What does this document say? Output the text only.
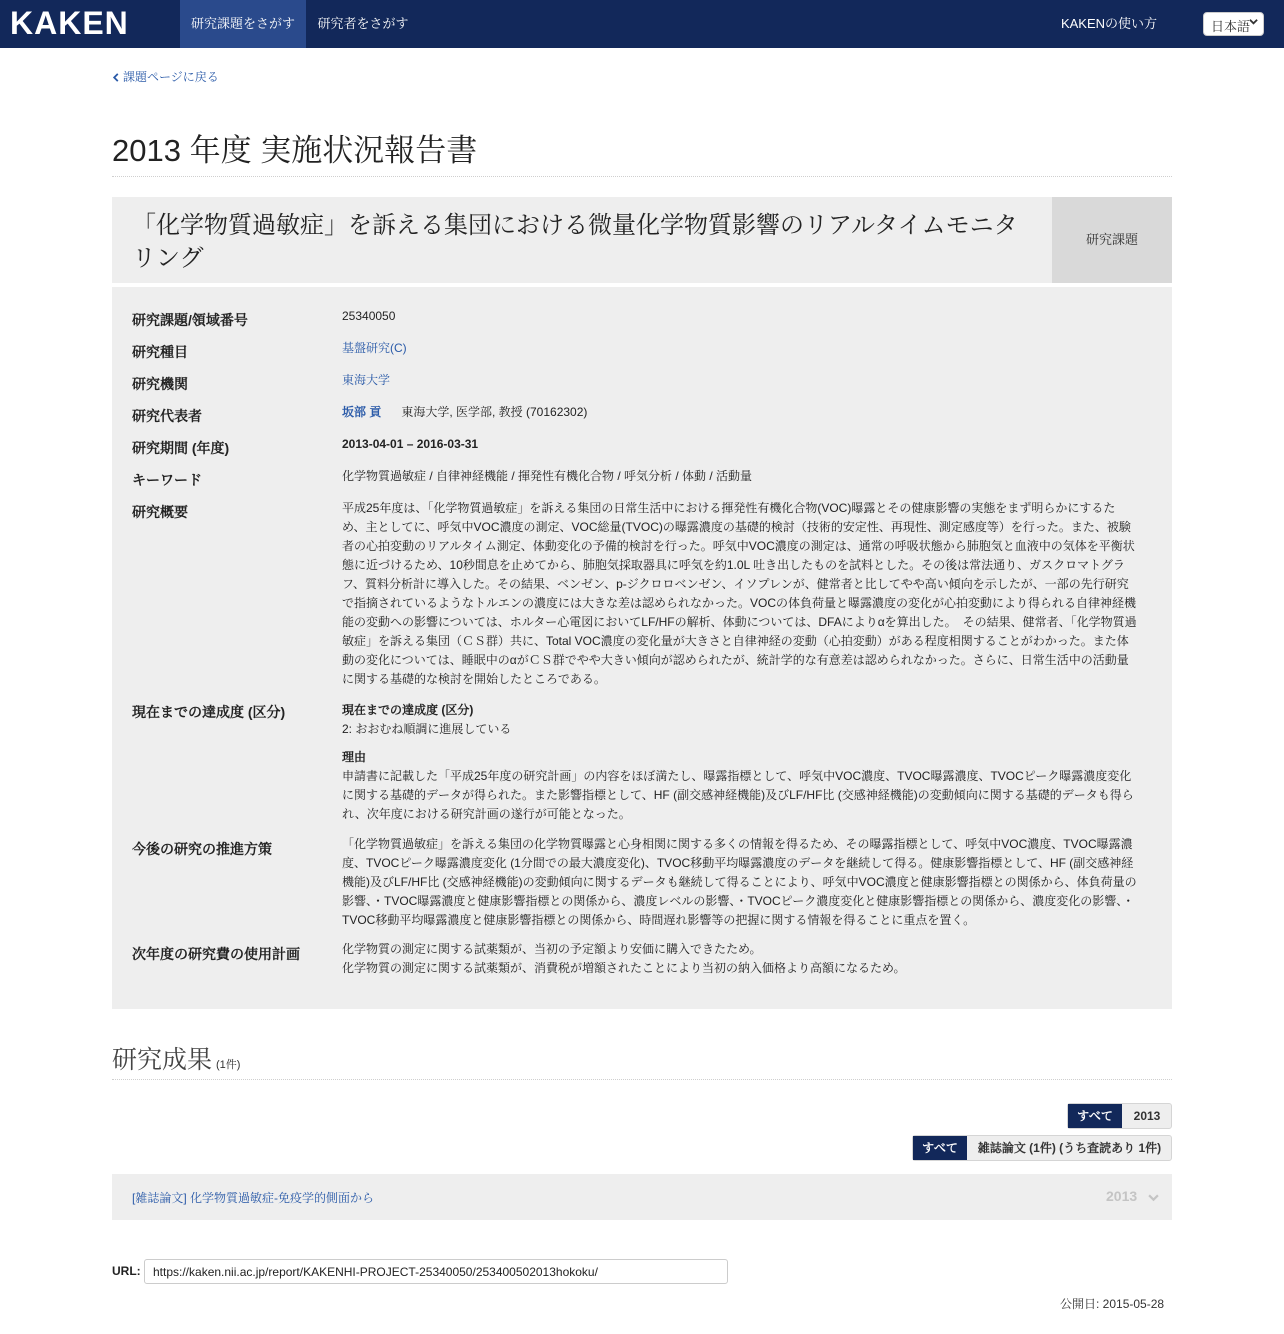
KAKEN	研究課題をさがす	研究者をさがす	KAKENの使い方	日本語
課題ページに戻る
2013 年度 実施状況報告書
「化学物質過敏症」を訴える集団における微量化学物質影響のリアルタイムモニタリング
研究課題
研究課題/領域番号	25340050
研究種目	基盤研究(C)
研究機関	東海大学
研究代表者	坂部 貢 東海大学, 医学部, 教授 (70162302)
研究期間 (年度)	2013-04-01 – 2016-03-31
キーワード	化学物質過敏症 / 自律神経機能 / 揮発性有機化合物 / 呼気分析 / 体動 / 活動量
研究概要	平成25年度は、「化学物質過敏症」を訴える集団の日常生活中における揮発性有機化合物(VOC)曝露とその健康影響の実態をまず明らかにするため、主としてに、呼気中VOC濃度の測定、VOC総量(TVOC)の曝露濃度の基礎的検討（技術的安定性、再現性、測定感度等）を行った。また、被験者の心拍変動のリアルタイム測定、体動変化の予備的検討を行った。呼気中VOC濃度の測定は、通常の呼吸状態から肺胞気と血液中の気体を平衡状態に近づけるため、10秒間息を止めてから、肺胞気採取器具に呼気を約1.0L 吐き出したものを試料とした。その後は常法通り、ガスクロマトグラフ、質料分析計に導入した。その結果、ベンゼン、p-ジクロロベンゼン、イソプレンが、健常者と比してやや高い傾向を示したが、一部の先行研究で指摘されているようなトルエンの濃度には大きな差は認められなかった。VOCの体負荷量と曝露濃度の変化が心拍変動により得られる自律神経機能の変動への影響については、ホルター心電図においてLF/HFの解析、体動については、DFAによりαを算出した。　その結果、健常者、「化学物質過敏症」を訴える集団（ＣＳ群）共に、Total VOC濃度の変化量が大きさと自律神経の変動（心拍変動）がある程度相関することがわかった。また体動の変化については、睡眠中のαがＣＳ群でやや大きい傾向が認められたが、統計学的な有意差は認められなかった。さらに、日常生活中の活動量に関する基礎的な検討を開始したところである。
現在までの達成度 (区分)	現在までの達成度 (区分)
2: おおむね順調に進展している
理由
申請書に記載した「平成25年度の研究計画」の内容をほぼ満たし、曝露指標として、呼気中VOC濃度、TVOC曝露濃度、TVOCピーク曝露濃度変化に関する基礎的データが得られた。また影響指標として、HF (副交感神経機能)及びLF/HF比 (交感神経機能)の変動傾向に関する基礎的データも得られ、次年度における研究計画の遂行が可能となった。
今後の研究の推進方策	「化学物質過敏症」を訴える集団の化学物質曝露と心身相関に関する多くの情報を得るため、その曝露指標として、呼気中VOC濃度、TVOC曝露濃度、TVOCピーク曝露濃度変化 (1分間での最大濃度変化)、TVOC移動平均曝露濃度のデータを継続して得る。健康影響指標として、HF (副交感神経機能)及びLF/HF比 (交感神経機能)の変動傾向に関するデータも継続して得ることにより、呼気中VOC濃度と健康影響指標との関係から、体負荷量の影響、・TVOC曝露濃度と健康影響指標との関係から、濃度レベルの影響、・TVOCピーク濃度変化と健康影響指標との関係から、濃度変化の影響、・TVOC移動平均曝露濃度と健康影響指標との関係から、時間遅れ影響等の把握に関する情報を得ることに重点を置く。
次年度の研究費の使用計画	化学物質の測定に関する試薬類が、当初の予定額より安価に購入できたため。
化学物質の測定に関する試薬類が、消費税が増額されたことにより当初の納入価格より高額になるため。
研究成果 (1件)
すべて	2013
すべて	雑誌論文 (1件) (うち査読あり 1件)
[雑誌論文] 化学物質過敏症-免疫学的側面から	2013
URL:
https://kaken.nii.ac.jp/report/KAKENHI-PROJECT-25340050/253400502013hokoku/
公開日: 2015-05-28
